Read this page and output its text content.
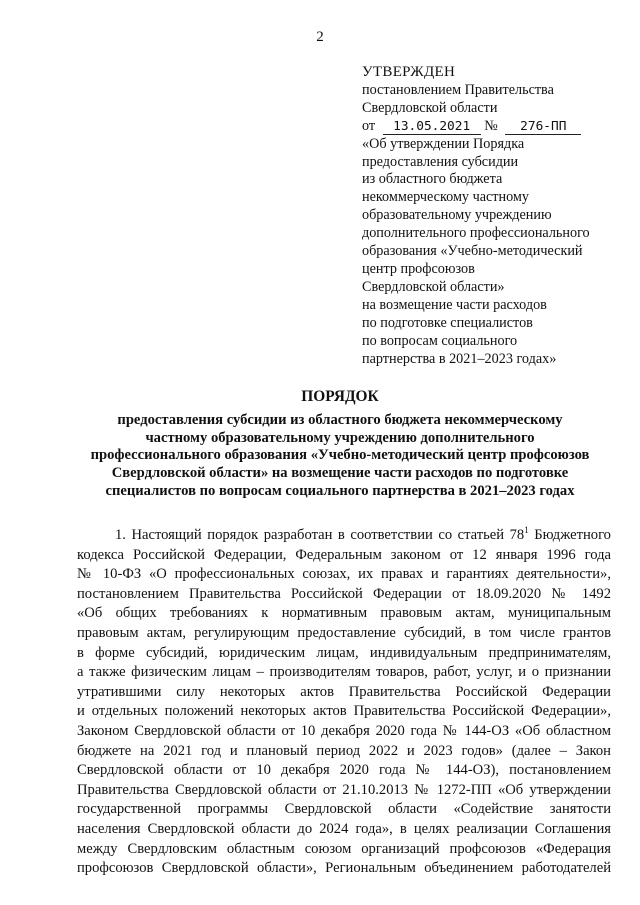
2
УТВЕРЖДЕН
постановлением Правительства
Свердловской области
от 13.05.2021 № 276-ПП
«Об утверждении Порядка
предоставления субсидии
из областного бюджета
некоммерческому частному
образовательному учреждению
дополнительного профессионального
образования «Учебно-методический
центр профсоюзов
Свердловской области»
на возмещение части расходов
по подготовке специалистов
по вопросам социального
партнерства в 2021–2023 годах»
ПОРЯДОК
предоставления субсидии из областного бюджета некоммерческому
частному образовательному учреждению дополнительного
профессионального образования «Учебно-методический центр профсоюзов
Свердловской области» на возмещение части расходов по подготовке
специалистов по вопросам социального партнерства в 2021–2023 годах
1. Настоящий порядок разработан в соответствии со статьей $78^1$ Бюджетного
кодекса Российской Федерации, Федеральным законом от 12 января 1996 года
№ 10-ФЗ «О профессиональных союзах, их правах и гарантиях деятельности»,
постановлением Правительства Российской Федерации от 18.09.2020 № 1492
«Об общих требованиях к нормативным правовым актам, муниципальным
правовым актам, регулирующим предоставление субсидий, в том числе грантов
в форме субсидий, юридическим лицам, индивидуальным предпринимателям,
а также физическим лицам – производителям товаров, работ, услуг, и о признании
утратившими силу некоторых актов Правительства Российской Федерации
и отдельных положений некоторых актов Правительства Российской Федерации»,
Законом Свердловской области от 10 декабря 2020 года № 144-ОЗ «Об областном
бюджете на 2021 год и плановый период 2022 и 2023 годов» (далее – Закон
Свердловской области от 10 декабря 2020 года № 144-ОЗ), постановлением
Правительства Свердловской области от 21.10.2013 № 1272-ПП «Об утверждении
государственной программы Свердловской области «Содействие занятости
населения Свердловской области до 2024 года», в целях реализации Соглашения
между Свердловским областным союзом организаций профсоюзов «Федерация
профсоюзов Свердловской области», Региональным объединением работодателей
